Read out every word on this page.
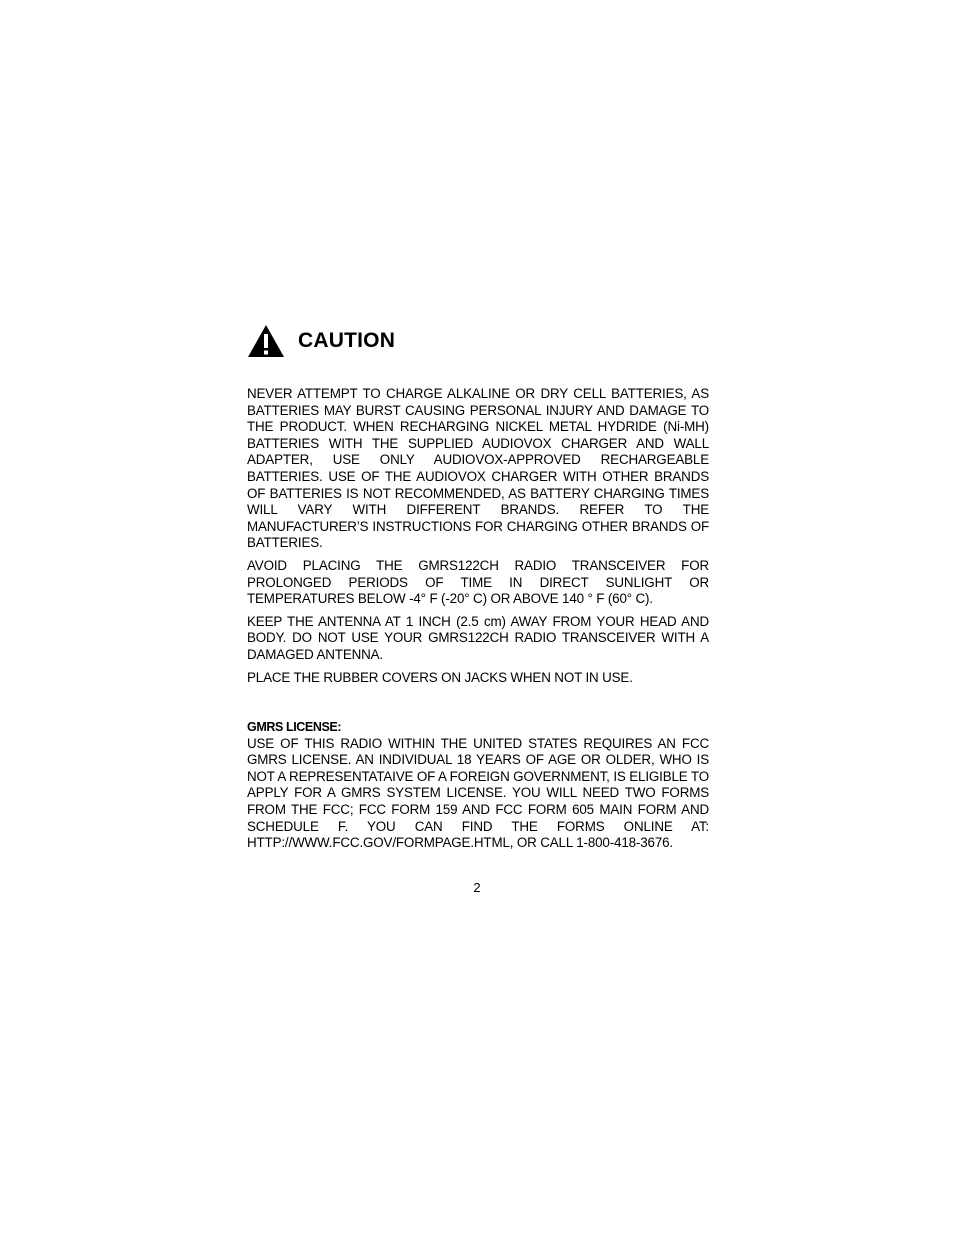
CAUTION

NEVER ATTEMPT TO CHARGE ALKALINE OR DRY CELL BATTERIES, AS BATTERIES MAY BURST CAUSING PERSONAL INJURY AND DAMAGE TO THE PRODUCT. WHEN RECHARGING NICKEL METAL HYDRIDE (Ni-MH) BATTERIES WITH THE SUPPLIED AUDIOVOX CHARGER AND WALL ADAPTER, USE ONLY AUDIOVOX-APPROVED RECHARGEABLE BATTERIES. USE OF THE AUDIOVOX CHARGER WITH OTHER BRANDS OF BATTERIES IS NOT RECOMMENDED, AS BATTERY CHARGING TIMES WILL VARY WITH DIFFERENT BRANDS. REFER TO THE MANUFACTURER’S INSTRUCTIONS FOR CHARGING OTHER BRANDS OF BATTERIES.

AVOID PLACING THE GMRS122CH RADIO TRANSCEIVER FOR PROLONGED PERIODS OF TIME IN DIRECT SUNLIGHT OR TEMPERATURES BELOW -4° F (-20° C) OR ABOVE 140 ° F (60° C).

KEEP THE ANTENNA AT 1 INCH (2.5 cm) AWAY FROM YOUR HEAD AND BODY. DO NOT USE YOUR GMRS122CH RADIO TRANSCEIVER WITH A DAMAGED ANTENNA.

PLACE THE RUBBER COVERS ON JACKS WHEN NOT IN USE.

GMRS LICENSE:

USE OF THIS RADIO WITHIN THE UNITED STATES REQUIRES AN FCC GMRS LICENSE. AN INDIVIDUAL 18 YEARS OF AGE OR OLDER, WHO IS NOT A REPRESENTATAIVE OF A FOREIGN GOVERNMENT, IS ELIGIBLE TO APPLY FOR A GMRS SYSTEM LICENSE. YOU WILL NEED TWO FORMS FROM THE FCC; FCC FORM 159 AND FCC FORM 605 MAIN FORM AND SCHEDULE F. YOU CAN FIND THE FORMS ONLINE AT: HTTP://WWW.FCC.GOV/FORMPAGE.HTML, OR CALL 1-800-418-3676.

2
